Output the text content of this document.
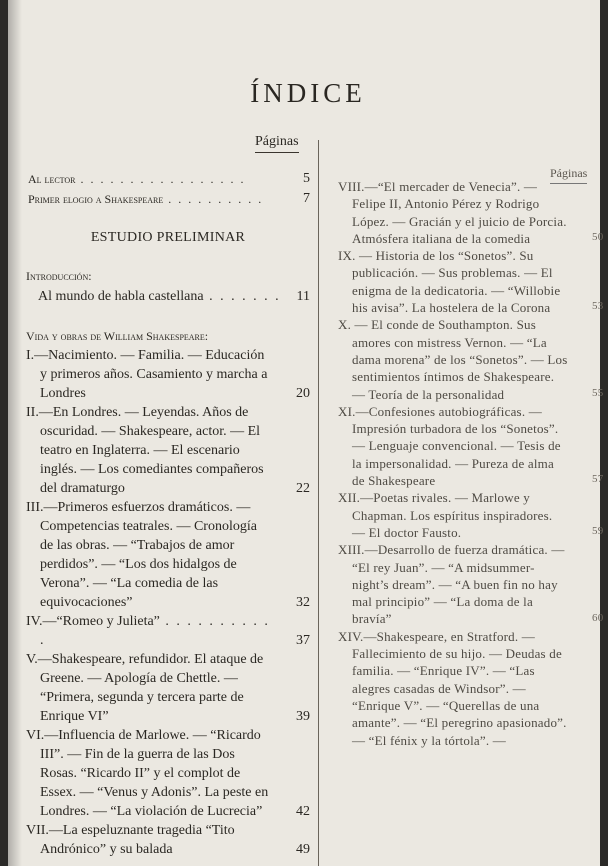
ÍNDICE
Páginas
Páginas
Al lector . . . . . . . . . . . . . . . . .	5
Primer elogio a Shakespeare . . . . . . . . . .	7
ESTUDIO PRELIMINAR
Introducción:
Al mundo de habla castellana . . . . . . . 11
Vida y obras de William Shakespeare:
I.—Nacimiento. — Familia. — Educación y primeros años. Casamiento y marcha a Londres	20
II.—En Londres. — Leyendas. Años de oscuridad. — Shakespeare, actor. — El teatro en Inglaterra. — El escenario inglés. — Los comediantes compañeros del dramaturgo	22
III.—Primeros esfuerzos dramáticos. — Competencias teatrales. — Cronología de las obras. — “Trabajos de amor perdidos”. — “Los dos hidalgos de Verona”. — “La comedia de las equivocaciones”	32
IV.—“Romeo y Julieta” . . . . . . . . . . .	37
V.—Shakespeare, refundidor. El ataque de Greene. — Apología de Chettle. — “Primera, segunda y tercera parte de Enrique VI”	39
VI.—Influencia de Marlowe. — “Ricardo III”. — Fin de la guerra de las Dos Rosas. “Ricardo II” y el complot de Essex. — “Venus y Adonis”. La peste en Londres. — “La violación de Lucrecia” 42
VII.—La espeluznante tragedia “Tito Andrónico” y su balada	49
VIII.—“El mercader de Venecia”. — Felipe II, Antonio Pérez y Rodrigo López. — Gracián y el juicio de Porcia. Atmósfera italiana de la comedia	50
IX. — Historia de los “Sonetos”. Su publicación. — Sus problemas. — El enigma de la dedicatoria. — “Willobie his avisa”. La hostelera de la Corona	53
X. — El conde de Southampton. Sus amores con mistress Vernon. — “La dama morena” de los “Sonetos”. — Los sentimientos íntimos de Shakespeare. — Teoría de la personalidad	55
XI.—Confesiones autobiográficas. — Impresión turbadora de los “Sonetos”. — Lenguaje convencional. — Tesis de la impersonalidad. — Pureza de alma de Shakespeare	57
XII.—Poetas rivales. — Marlowe y Chapman. Los espíritus inspiradores. — El doctor Fausto.	59
XIII.—Desarrollo de fuerza dramática. — “El rey Juan”. — “A midsummer-night’s dream”. — “A buen fin no hay mal principio” — “La doma de la bravía”	60
XIV.—Shakespeare, en Stratford. — Fallecimiento de su hijo. — Deudas de familia. — “Enrique IV”. — “Las alegres casadas de Windsor”. — “Enrique V”. — “Querellas de una amante”. — “El peregrino apasionado”.— “El fénix y la tórtola”. —
